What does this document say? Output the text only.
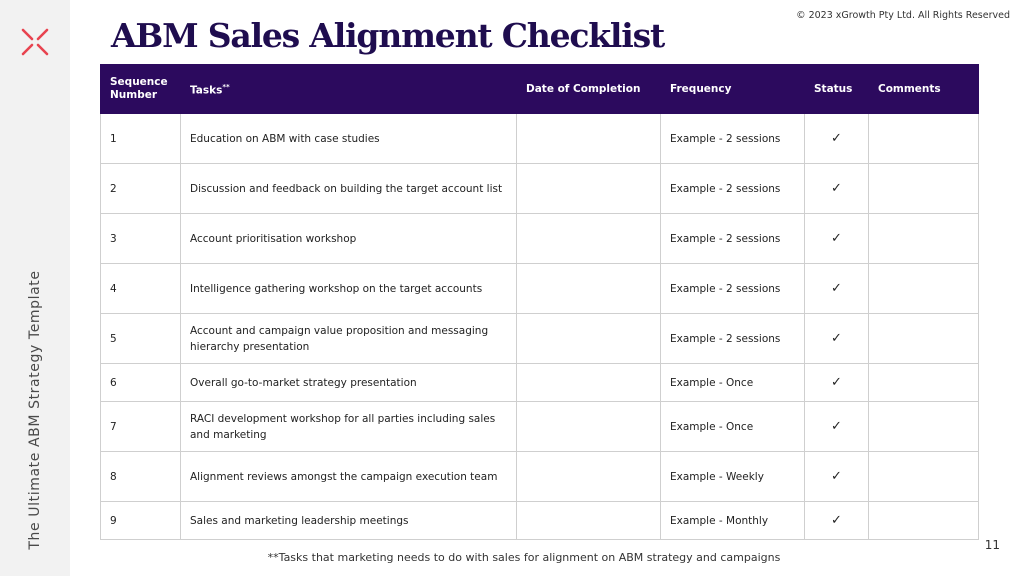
The Ultimate ABM Strategy Template
© 2023 xGrowth Pty Ltd. All Rights Reserved
ABM Sales Alignment Checklist
Sequence Number	Tasks**	Date of Completion	Frequency	Status	Comments
1	Education on ABM with case studies		Example - 2 sessions	✓	
2	Discussion and feedback on building the target account list		Example - 2 sessions	✓	
3	Account prioritisation workshop		Example - 2 sessions	✓	
4	Intelligence gathering workshop on the target accounts		Example - 2 sessions	✓	
5	Account and campaign value proposition and messaging hierarchy presentation		Example - 2 sessions	✓	
6	Overall go-to-market strategy presentation		Example - Once	✓	
7	RACI development workshop for all parties including sales and marketing		Example - Once	✓	
8	Alignment reviews amongst the campaign execution team		Example - Weekly	✓	
9	Sales and marketing leadership meetings		Example - Monthly	✓	
**Tasks that marketing needs to do with sales for alignment on ABM strategy and campaigns
11
